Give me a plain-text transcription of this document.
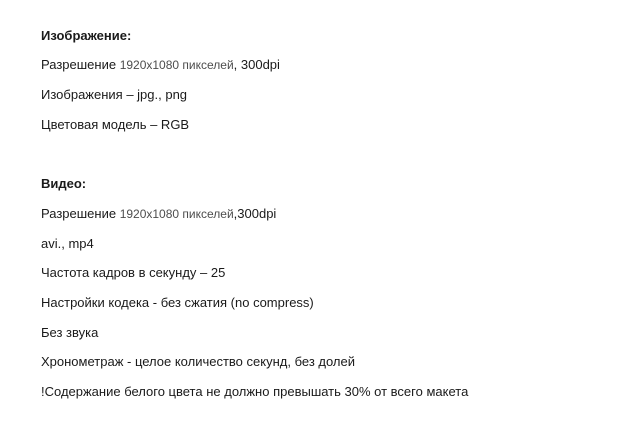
Изображение:
Разрешение 1920x1080 пикселей, 300dpi
Изображения – jpg., png
Цветовая модель – RGB
Видео:
Разрешение 1920x1080 пикселей,300dpi
avi., mp4
Частота кадров в секунду – 25
Настройки кодека - без сжатия (no compress)
Без звука
Хронометраж - целое количество секунд, без долей
!Содержание белого цвета не должно превышать 30% от всего макета
